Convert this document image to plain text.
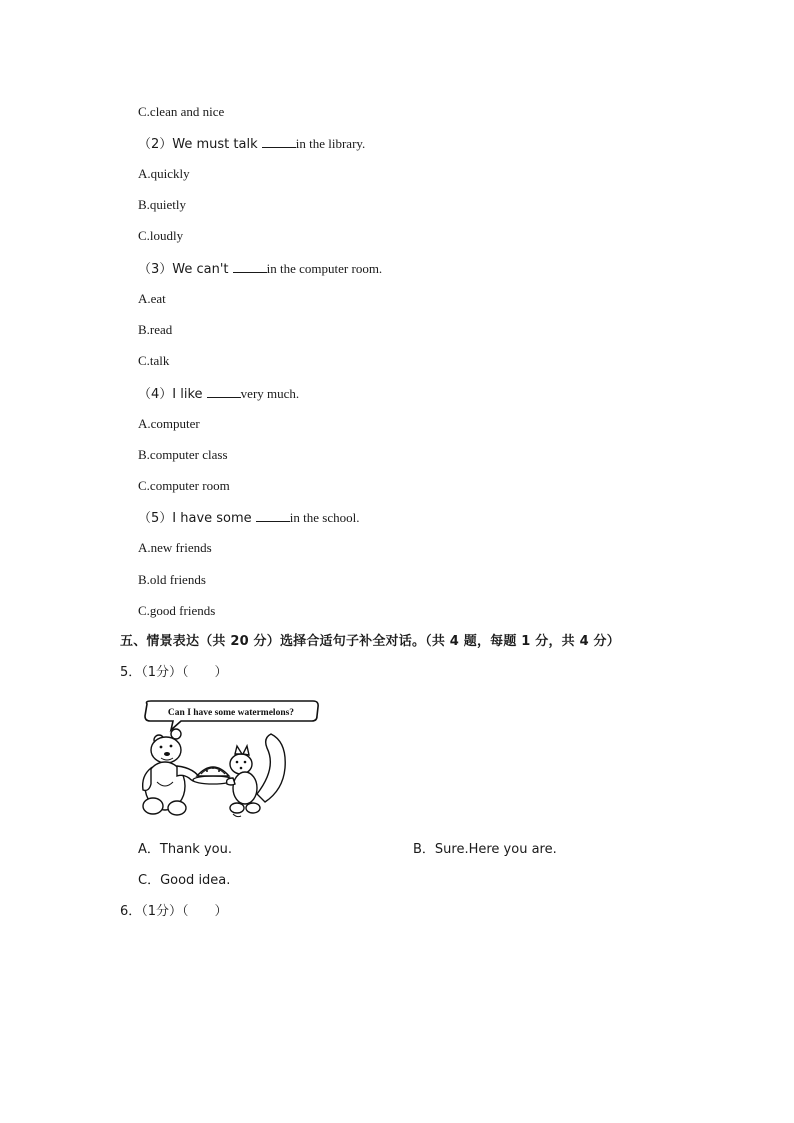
C.clean and nice
（2）We must talk	in the library.
A.quickly
B.quietly
C.loudly
（3）We can't	in the computer room.
A.eat
B.read
C.talk
（4）I like	very much.
A.computer
B.computer class
C.computer room
（5）I have some	in the school.
A.new friends
B.old friends
C.good friends
五、情景表达（共 20 分）选择合适句子补全对话。（共 4 题，每题 1 分，共 4 分）
5．（1分）（　　）
Can I have some watermelons?
A．Thank you.	B．Sure.Here you are.
C．Good idea.
6．（1分）（　　）
